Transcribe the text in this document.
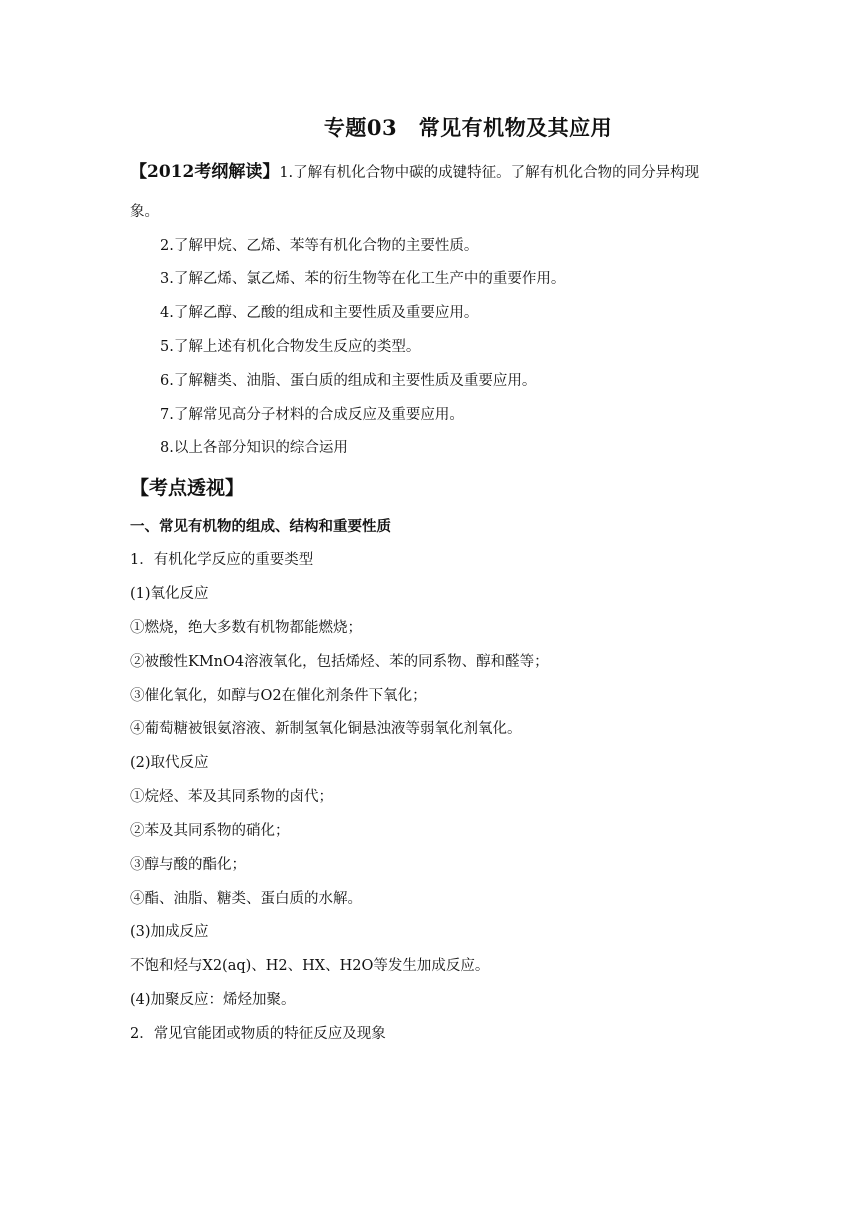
专题03　常见有机物及其应用
【2012考纲解读】1.了解有机化合物中碳的成键特征。了解有机化合物的同分异构现
象。
2.了解甲烷、乙烯、苯等有机化合物的主要性质。
3.了解乙烯、氯乙烯、苯的衍生物等在化工生产中的重要作用。
4.了解乙醇、乙酸的组成和主要性质及重要应用。
5.了解上述有机化合物发生反应的类型。
6.了解糖类、油脂、蛋白质的组成和主要性质及重要应用。
7.了解常见高分子材料的合成反应及重要应用。
8.以上各部分知识的综合运用
【考点透视】
一、常见有机物的组成、结构和重要性质
1．有机化学反应的重要类型
(1)氧化反应
①燃烧，绝大多数有机物都能燃烧；
②被酸性KMnO4溶液氧化，包括烯烃、苯的同系物、醇和醛等；
③催化氧化，如醇与O2在催化剂条件下氧化；
④葡萄糖被银氨溶液、新制氢氧化铜悬浊液等弱氧化剂氧化。
(2)取代反应
①烷烃、苯及其同系物的卤代；
②苯及其同系物的硝化；
③醇与酸的酯化；
④酯、油脂、糖类、蛋白质的水解。
(3)加成反应
不饱和烃与X2(aq)、H2、HX、H2O等发生加成反应。
(4)加聚反应：烯烃加聚。
2．常见官能团或物质的特征反应及现象
